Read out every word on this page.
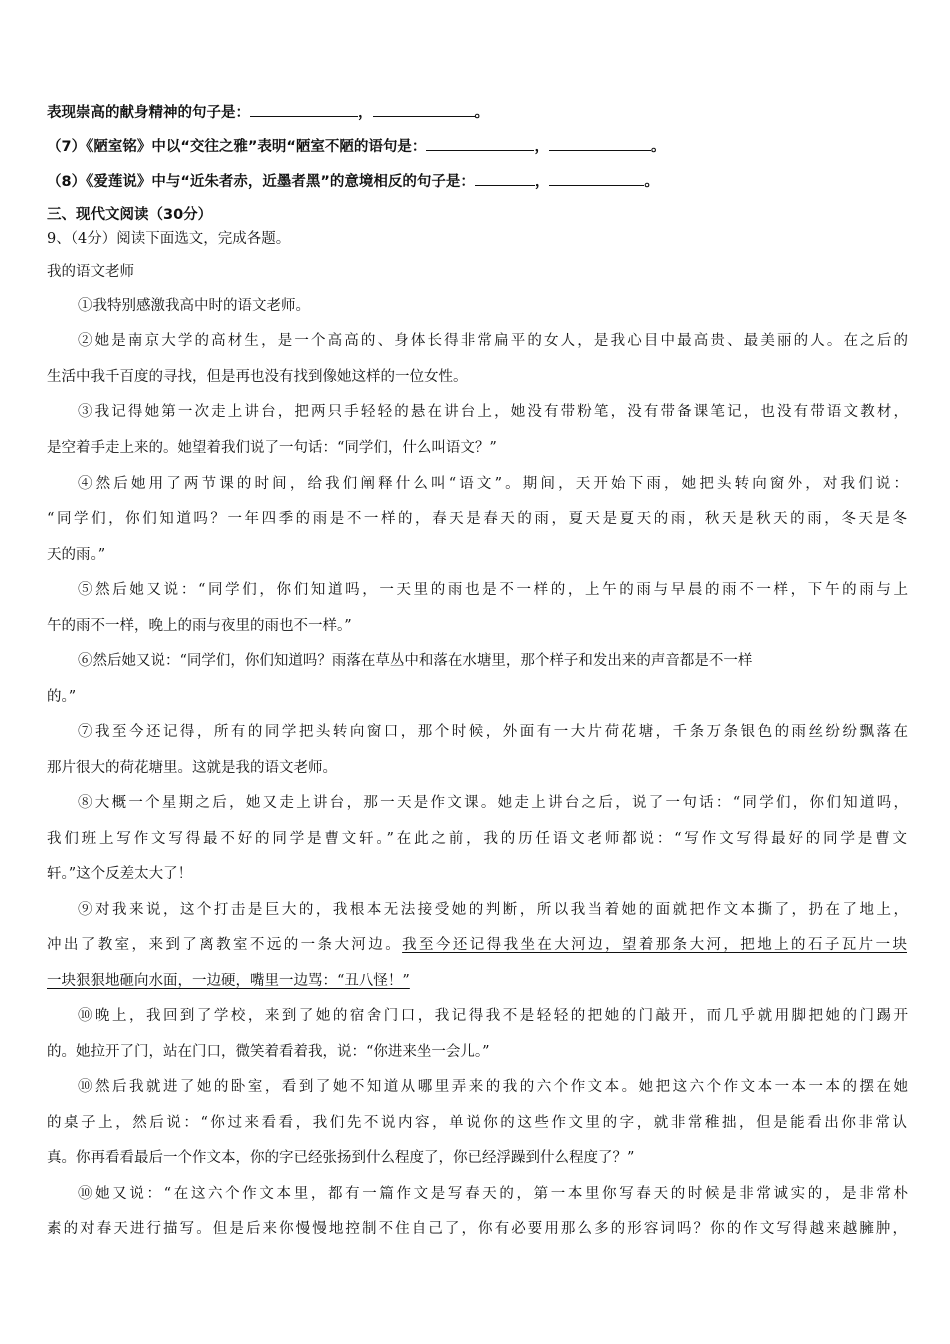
表现崇高的献身精神的句子是：	，	。
（7）《陋室铭》中以“交往之雅”表明“陋室不陋的语句是：	，	。
（8）《爱莲说》中与“近朱者赤，近墨者黑”的意境相反的句子是：	，	。
三、现代文阅读（30分）
9、（4分）阅读下面选文，完成各题。
我的语文老师
①我特别感激我高中时的语文老师。
②她是南京大学的高材生，是一个高高的、身体长得非常扁平的女人，是我心目中最高贵、最美丽的人。在之后的
生活中我千百度的寻找，但是再也没有找到像她这样的一位女性。
③我记得她第一次走上讲台，把两只手轻轻的悬在讲台上，她没有带粉笔，没有带备课笔记，也没有带语文教材，
是空着手走上来的。她望着我们说了一句话：“同学们，什么叫语文？”
④然后她用了两节课的时间，给我们阐释什么叫“语文”。期间，天开始下雨，她把头转向窗外，对我们说：
“同学们，你们知道吗？一年四季的雨是不一样的，春天是春天的雨，夏天是夏天的雨，秋天是秋天的雨，冬天是冬
天的雨。”
⑤然后她又说：“同学们，你们知道吗，一天里的雨也是不一样的，上午的雨与早晨的雨不一样，下午的雨与上
午的雨不一样，晚上的雨与夜里的雨也不一样。”
⑥然后她又说：“同学们，你们知道吗？雨落在草丛中和落在水塘里，那个样子和发出来的声音都是不一样
的。”
⑦我至今还记得，所有的同学把头转向窗口，那个时候，外面有一大片荷花塘，千条万条银色的雨丝纷纷飘落在
那片很大的荷花塘里。这就是我的语文老师。
⑧大概一个星期之后，她又走上讲台，那一天是作文课。她走上讲台之后，说了一句话：“同学们，你们知道吗，
我们班上写作文写得最不好的同学是曹文轩。”在此之前，我的历任语文老师都说：“写作文写得最好的同学是曹文
轩。”这个反差太大了！
⑨对我来说，这个打击是巨大的，我根本无法接受她的判断，所以我当着她的面就把作文本撕了，扔在了地上，
冲出了教室，来到了离教室不远的一条大河边。我至今还记得我坐在大河边，望着那条大河，把地上的石子瓦片一块
一块狠狠地砸向水面，一边硬，嘴里一边骂：“丑八怪！”
⑩晚上，我回到了学校，来到了她的宿舍门口，我记得我不是轻轻的把她的门敲开，而几乎就用脚把她的门踢开
的。她拉开了门，站在门口，微笑着看着我，说：“你进来坐一会儿。”
⑩然后我就进了她的卧室，看到了她不知道从哪里弄来的我的六个作文本。她把这六个作文本一本一本的摆在她
的桌子上，然后说：“你过来看看，我们先不说内容，单说你的这些作文里的字，就非常稚拙，但是能看出你非常认
真。你再看看最后一个作文本，你的字已经张扬到什么程度了，你已经浮躁到什么程度了？”
⑩她又说：“在这六个作文本里，都有一篇作文是写春天的，第一本里你写春天的时候是非常诚实的，是非常朴
素的对春天进行描写。但是后来你慢慢地控制不住自己了，你有必要用那么多的形容词吗？你的作文写得越来越臃肿，
